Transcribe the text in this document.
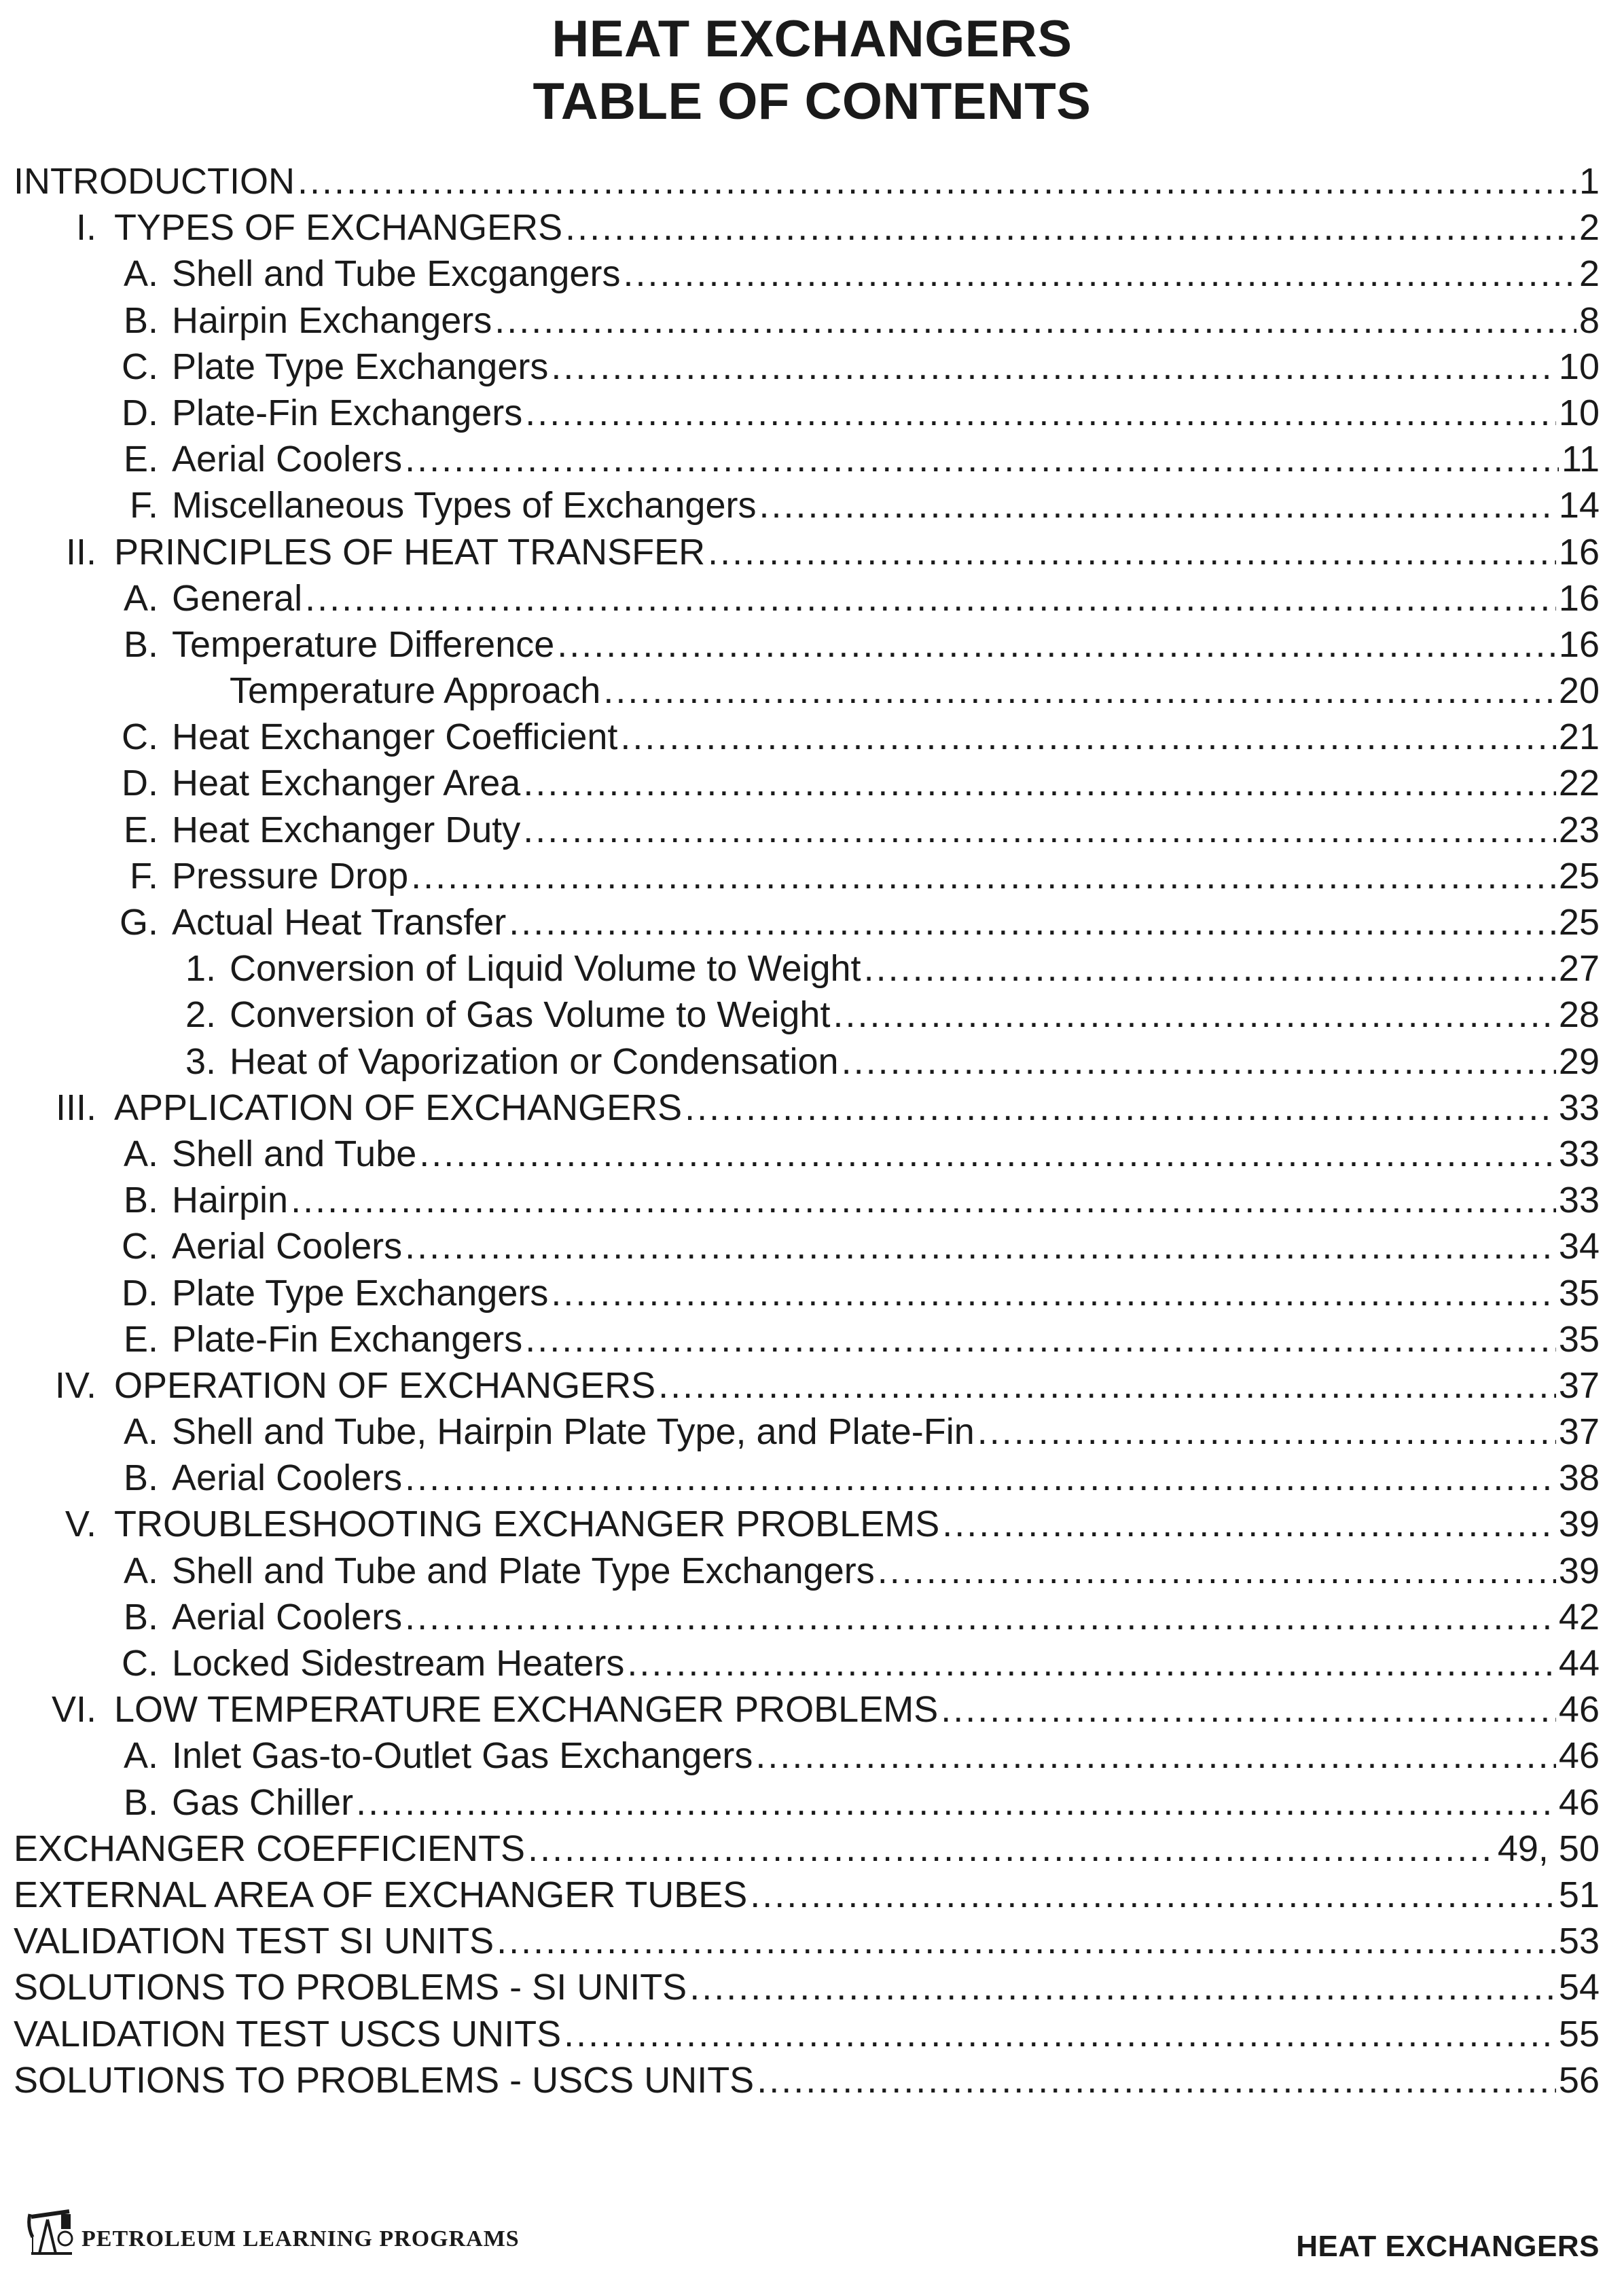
HEAT EXCHANGERS
TABLE OF CONTENTS
INTRODUCTION .....	1
I. TYPES OF EXCHANGERS .....	2
A. Shell and Tube Excgangers .....	2
B. Hairpin Exchangers .....	8
C. Plate Type Exchangers .....	10
D. Plate-Fin Exchangers .....	10
E. Aerial Coolers .....	11
F. Miscellaneous Types of Exchangers .....	14
II. PRINCIPLES OF HEAT TRANSFER .....	16
A. General .....	16
B. Temperature Difference .....	16
Temperature Approach .....	20
C. Heat Exchanger Coefficient .....	21
D. Heat Exchanger Area .....	22
E. Heat Exchanger Duty .....	23
F. Pressure Drop .....	25
G. Actual Heat Transfer .....	25
1. Conversion of Liquid Volume to Weight .....	27
2. Conversion of Gas Volume to Weight .....	28
3. Heat of Vaporization or Condensation .....	29
III. APPLICATION OF EXCHANGERS .....	33
A. Shell and Tube .....	33
B. Hairpin .....	33
C. Aerial Coolers .....	34
D. Plate Type Exchangers .....	35
E. Plate-Fin Exchangers .....	35
IV. OPERATION OF EXCHANGERS .....	37
A. Shell and Tube, Hairpin Plate Type, and Plate-Fin .....	37
B. Aerial Coolers .....	38
V. TROUBLESHOOTING EXCHANGER PROBLEMS .....	39
A. Shell and Tube and Plate Type Exchangers .....	39
B. Aerial Coolers .....	42
C. Locked Sidestream Heaters .....	44
VI. LOW TEMPERATURE EXCHANGER PROBLEMS .....	46
A. Inlet Gas-to-Outlet Gas Exchangers .....	46
B. Gas Chiller .....	46
EXCHANGER COEFFICIENTS .....	49, 50
EXTERNAL AREA OF EXCHANGER TUBES .....	51
VALIDATION TEST SI UNITS .....	53
SOLUTIONS TO PROBLEMS - SI UNITS .....	54
VALIDATION TEST USCS UNITS .....	55
SOLUTIONS TO PROBLEMS - USCS UNITS .....	56
PETROLEUM LEARNING PROGRAMS	HEAT EXCHANGERS
